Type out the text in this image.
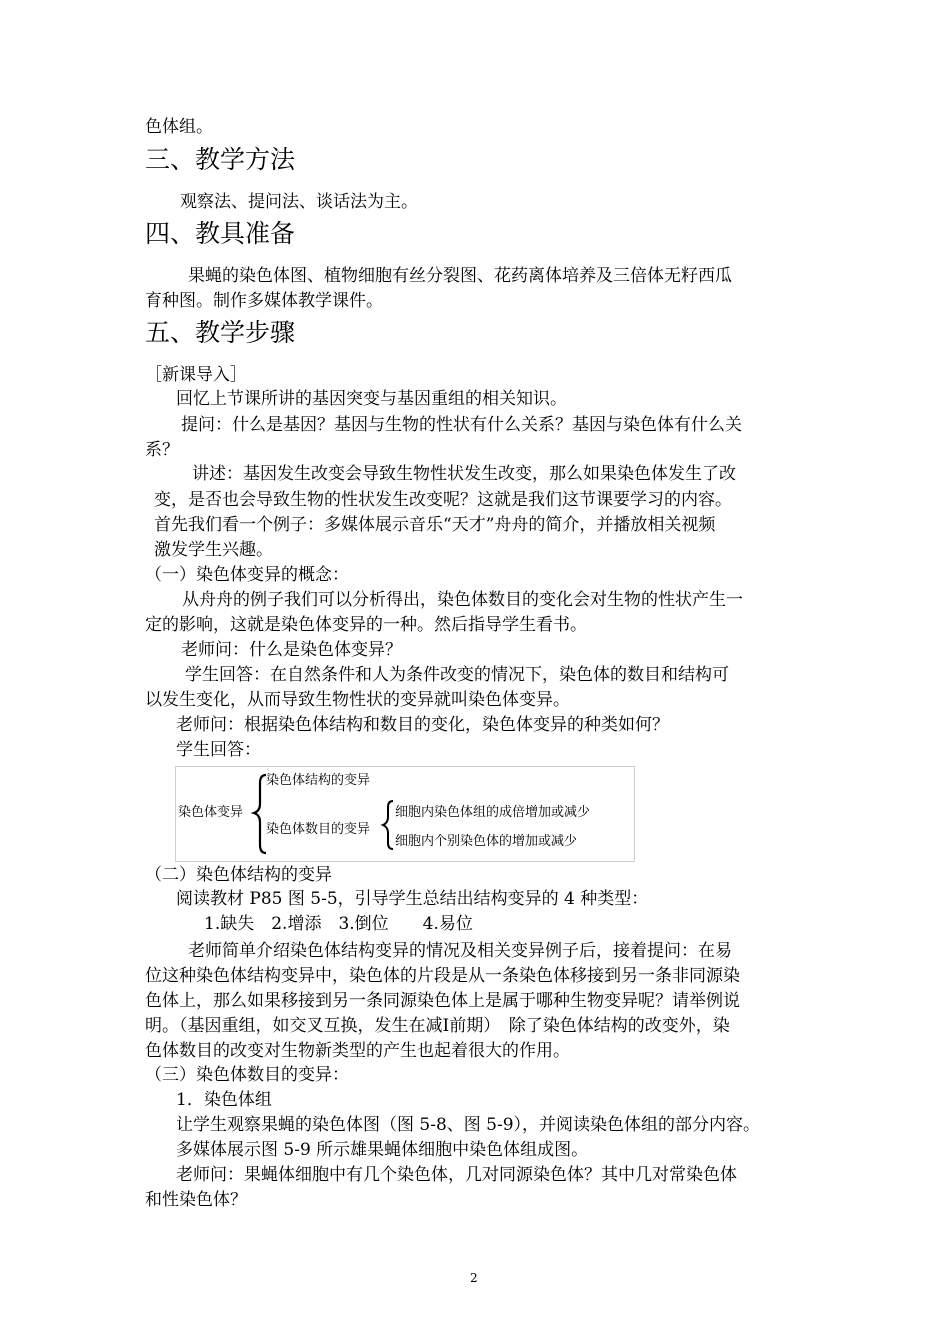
色体组。
三、教学方法
观察法、提问法、谈话法为主。
四、教具准备
果蝇的染色体图、植物细胞有丝分裂图、花药离体培养及三倍体无籽西瓜
育种图。制作多媒体教学课件。
五、教学步骤
［新课导入］
回忆上节课所讲的基因突变与基因重组的相关知识。
提问：什么是基因？基因与生物的性状有什么关系？基因与染色体有什么关
系？
讲述：基因发生改变会导致生物性状发生改变，那么如果染色体发生了改
变，是否也会导致生物的性状发生改变呢？这就是我们这节课要学习的内容。
首先我们看一个例子：多媒体展示音乐“天才”舟舟的简介，并播放相关视频
激发学生兴趣。
（一）染色体变异的概念：
从舟舟的例子我们可以分析得出，染色体数目的变化会对生物的性状产生一
定的影响，这就是染色体变异的一种。然后指导学生看书。
老师问：什么是染色体变异？
学生回答：在自然条件和人为条件改变的情况下，染色体的数目和结构可
以发生变化，从而导致生物性状的变异就叫染色体变异。
老师问：根据染色体结构和数目的变化，染色体变异的种类如何？
学生回答：
染色体变异
染色体结构的变异
染色体数目的变异
细胞内染色体组的成倍增加或减少
细胞内个别染色体的增加或减少
（二）染色体结构的变异
阅读教材 P85 图 5-5，引导学生总结出结构变异的 4 种类型：
1.缺失　2.增添　3.倒位　　4.易位
老师简单介绍染色体结构变异的情况及相关变异例子后，接着提问：在易
位这种染色体结构变异中，染色体的片段是从一条染色体移接到另一条非同源染
色体上，那么如果移接到另一条同源染色体上是属于哪种生物变异呢？请举例说
明。（基因重组，如交叉互换，发生在减Ⅰ前期）　除了染色体结构的改变外，染
色体数目的改变对生物新类型的产生也起着很大的作用。
（三）染色体数目的变异：
1．染色体组
让学生观察果蝇的染色体图（图 5-8、图 5-9），并阅读染色体组的部分内容。
多媒体展示图 5-9 所示雄果蝇体细胞中染色体组成图。
老师问：果蝇体细胞中有几个染色体，几对同源染色体？其中几对常染色体
和性染色体？
2
